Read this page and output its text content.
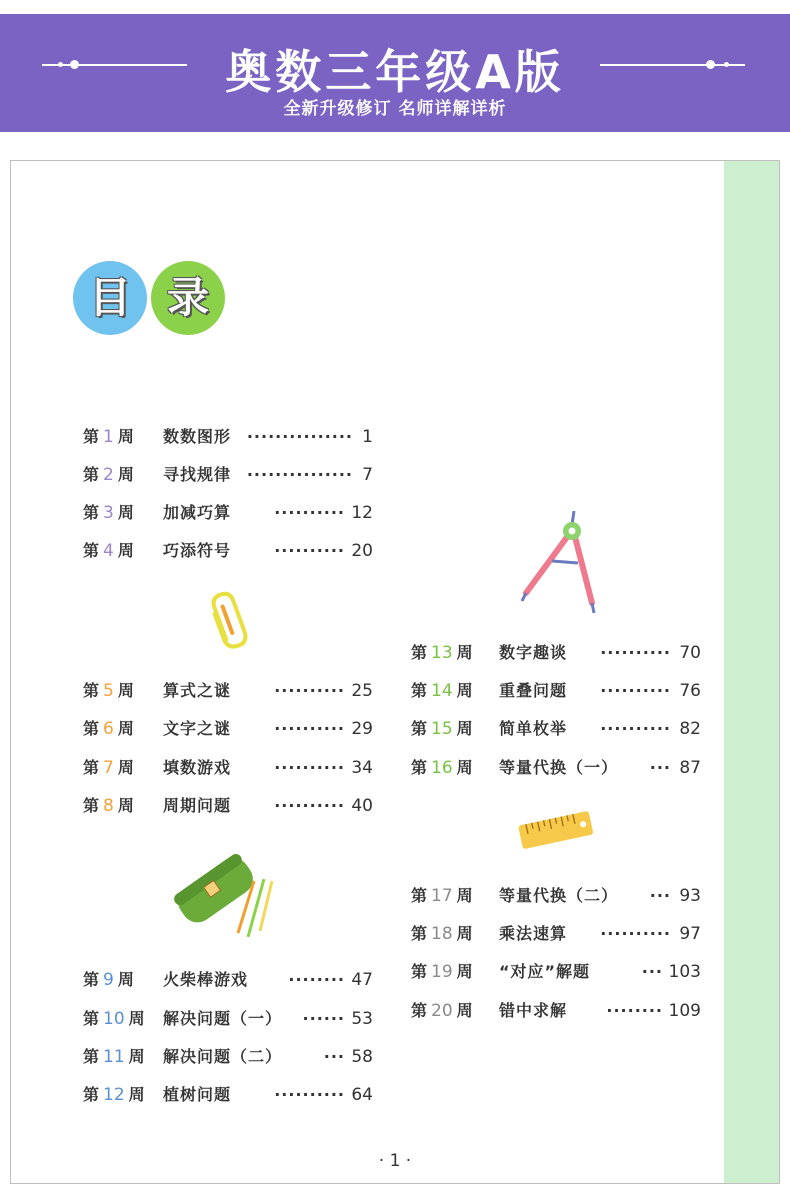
奥数三年级A版
全新升级修订 名师详解详析
目 录
第 1 周 数数图形 ··············· 1
第 2 周 寻找规律 ··············· 7
第 3 周 加减巧算	·········· 12
第 4 周 巧添符号	·········· 20
第 5 周 算式之谜	·········· 25
第 6 周 文字之谜	·········· 29
第 7 周 填数游戏	·········· 34
第 8 周 周期问题	·········· 40
第 9 周 火柴棒游戏	········ 47
第 10 周 解决问题（一） ······ 53
第 11 周 解决问题（二）	··· 58
第 12 周 植树问题	·········· 64
第 13 周 数字趣谈 ·········· 70
第 14 周 重叠问题 ·········· 76
第 15 周 简单枚举 ·········· 82
第 16 周 等量代换（一） ··· 87
第 17 周 等量代换（二） ··· 93
第 18 周 乘法速算 ·········· 97
第 19 周 “对应”解题	··· 103
第 20 周 错中求解 ········ 109
· 1 ·
